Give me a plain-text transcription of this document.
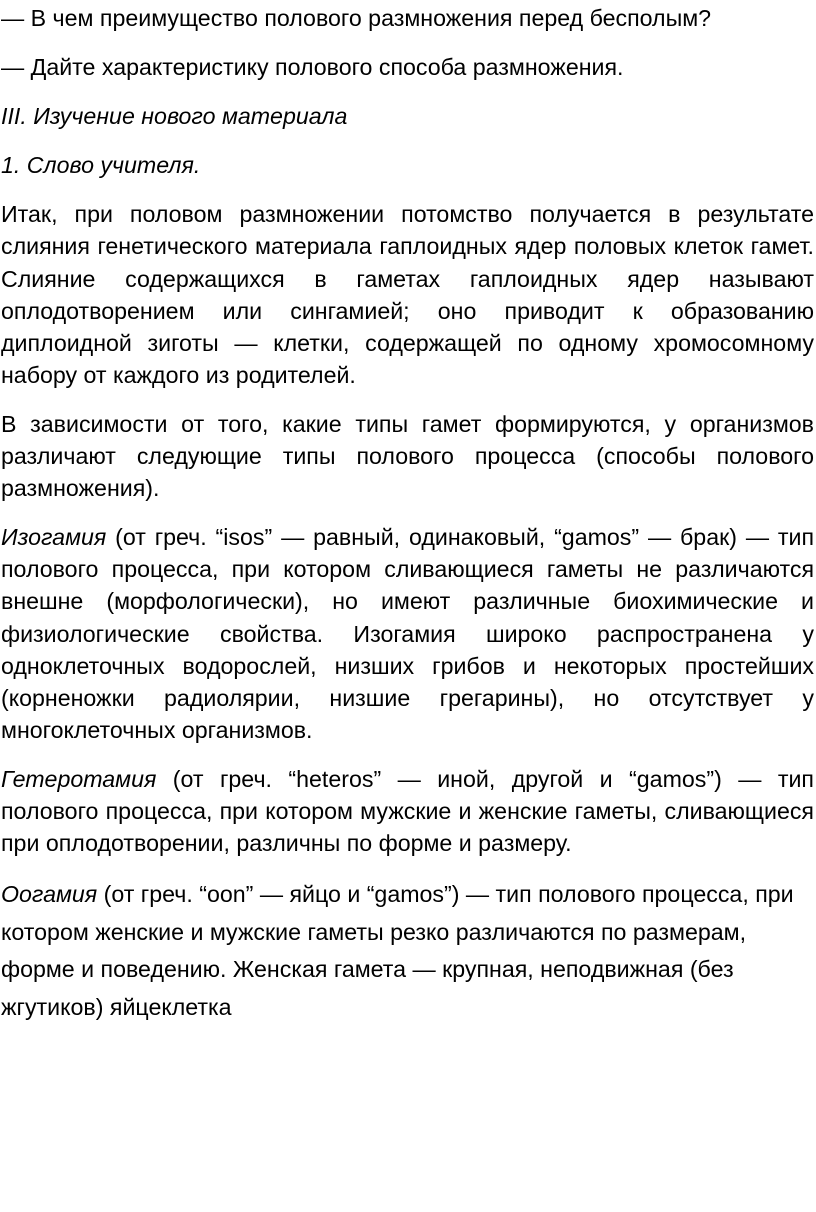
— В чем преимущество полового размножения перед бесполым?

— Дайте характеристику полового способа размножения.

III. Изучение нового материала

1. Слово учителя.

Итак, при половом размножении потомство получается в результате слияния генетического материала гаплоидных ядер половых клеток гамет. Слияние содержащихся в гаметах гаплоидных ядер называют оплодотворением или сингамией; оно приводит к образованию диплоидной зиготы — клетки, содержащей по одному хромосомному набору от каждого из родителей.

В зависимости от того, какие типы гамет формируются, у организмов различают следующие типы полового процесса (способы полового размножения).

Изогамия (от греч. “isos” — равный, одинаковый, “gamos” — брак) — тип полового процесса, при котором сливающиеся гаметы не различаются внешне (морфологически), но имеют различные биохимические и физиологические свойства. Изогамия широко распространена у одноклеточных водорослей, низших грибов и некоторых простейших (корненожки радиолярии, низшие грегарины), но отсутствует у многоклеточных организмов.

Гетеротамия (от греч. “heteros” — иной, другой и “gamos”) — тип полового процесса, при котором мужские и женские гаметы, сливающиеся при оплодотворении, различны по форме и размеру.

Оогамия (от греч. “oon” — яйцо и “gamos”) — тип полового процесса, при котором женские и мужские гаметы резко различаются по размерам, форме и поведению. Женская гамета — крупная, неподвижная (без жгутиков) яйцеклетка
